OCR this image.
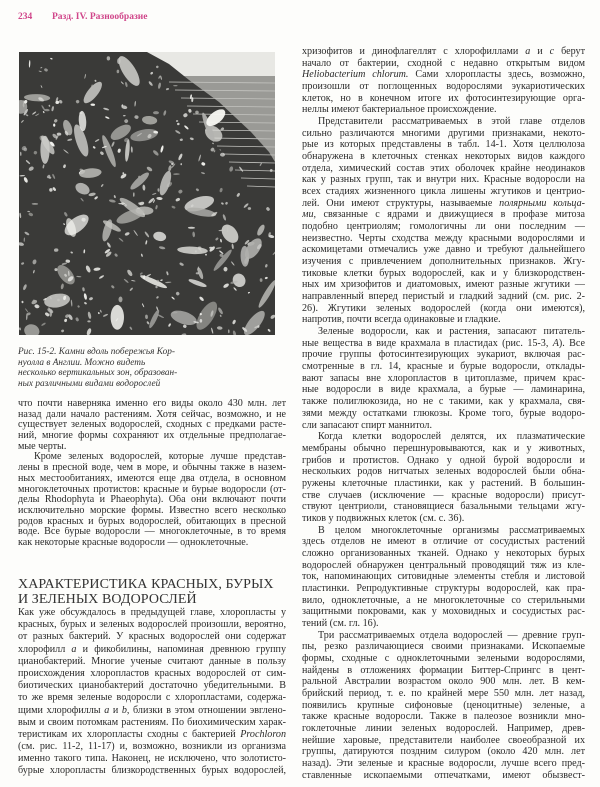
234 Разд. IV. Разнообразие
Рис. 15-2. Камни вдоль побережья Кор-
нуолла в Англии. Можно видеть
несколько вертикальных зон, образован-
ных различными видами водорослей
что почти наверняка именно его виды около 430 млн. лет
назад дали начало растениям. Хотя сейчас, возможно, и не
существует зеленых водорослей, сходных с предками расте-
ний, многие формы сохраняют их отдельные предполагае-
мые черты.
Кроме зеленых водорослей, которые лучше представ-
лены в пресной воде, чем в море, и обычны также в назем-
ных местообитаниях, имеются еще два отдела, в основном
многоклеточных протистов: красные и бурые водоросли (от-
делы Rhodophyta и Phaeophyta). Оба они включают почти
исключительно морские формы. Известно всего несколько
родов красных и бурых водорослей, обитающих в пресной
воде. Все бурые водоросли — многоклеточные, в то время
как некоторые красные водоросли — одноклеточные.
ХАРАКТЕРИСТИКА КРАСНЫХ, БУРЫХ
И ЗЕЛЕНЫХ ВОДОРОСЛЕЙ
Как уже обсуждалось в предыдущей главе, хлоропласты у
красных, бурых и зеленых водорослей произошли, вероятно,
от разных бактерий. У красных водорослей они содержат
хлорофилл a и фикобилины, напоминая древнюю группу
цианобактерий. Многие ученые считают данные в пользу
происхождения хлоропластов красных водорослей от сим-
биотических цианобактерий достаточно убедительными. В
то же время зеленые водоросли с хлоропластами, содержа-
щими хлорофиллы a и b, близки в этом отношении эвглено-
вым и своим потомкам растениям. По биохимическим харак-
теристикам их хлоропласты сходны с бактерией Prochloron
(см. рис. 11-2, 11-17) и, возможно, возникли из организма
именно такого типа. Наконец, не исключено, что золотисто-
бурые хлоропласты близкородственных бурых водорослей,
хризофитов и динофлагеллят с хлорофиллами a и c берут
начало от бактерии, сходной с недавно открытым видом
Heliobacterium chlorum. Сами хлоропласты здесь, возможно,
произошли от поглощенных водорослями эукариотических
клеток, но в конечном итоге их фотосинтезирующие орга-
неллы имеют бактериальное происхождение.
Представители рассматриваемых в этой главе отделов
сильно различаются многими другими признаками, некото-
рые из которых представлены в табл. 14-1. Хотя целлюлоза
обнаружена в клеточных стенках некоторых видов каждого
отдела, химический состав этих оболочек крайне неодинаков
как у разных групп, так и внутри них. Красные водоросли на
всех стадиях жизненного цикла лишены жгутиков и центрио-
лей. Они имеют структуры, называемые полярными кольца-
ми, связанные с ядрами и движущиеся в профазе митоза
подобно центриолям; гомологичны ли они последним —
неизвестно. Черты сходства между красными водорослями и
аскомицетами отмечались уже давно и требуют дальнейшего
изучения с привлечением дополнительных признаков. Жгу-
тиковые клетки бурых водорослей, как и у близкородствен-
ных им хризофитов и диатомовых, имеют разные жгутики —
направленный вперед перистый и гладкий задний (см. рис. 2-
26). Жгутики зеленых водорослей (когда они имеются),
напротив, почти всегда одинаковые и гладкие.
Зеленые водоросли, как и растения, запасают питатель-
ные вещества в виде крахмала в пластидах (рис. 15-3, А). Все
прочие группы фотосинтезирующих эукариот, включая рас-
смотренные в гл. 14, красные и бурые водоросли, отклады-
вают запасы вне хлоропластов в цитоплазме, причем крас-
ные водоросли в виде крахмала, а бурые — ламинарина,
также полиглюкозида, но не с такими, как у крахмала, свя-
зями между остатками глюкозы. Кроме того, бурые водоро-
сли запасают спирт маннитол.
Когда клетки водорослей делятся, их плазматические
мембраны обычно перешнуровываются, как и у животных,
грибов и протистов. Однако у одной бурой водоросли и
нескольких родов нитчатых зеленых водорослей были обна-
ружены клеточные пластинки, как у растений. В большин-
стве случаев (исключение — красные водоросли) присут-
ствуют центриоли, становящиеся базальными тельцами жгу-
тиков у подвижных клеток (см. с. 36).
В целом многоклеточные организмы рассматриваемых
здесь отделов не имеют в отличие от сосудистых растений
сложно организованных тканей. Однако у некоторых бурых
водорослей обнаружен центральный проводящий тяж из кле-
ток, напоминающих ситовидные элементы стебля и листовой
пластинки. Репродуктивные структуры водорослей, как пра-
вило, одноклеточные, а не многоклеточные со стерильными
защитными покровами, как у моховидных и сосудистых рас-
тений (см. гл. 16).
Три рассматриваемых отдела водорослей — древние груп-
пы, резко различающиеся своими признаками. Ископаемые
формы, сходные с одноклеточными зелеными водорослями,
найдены в отложениях формации Биттер-Спрингс в цент-
ральной Австралии возрастом около 900 млн. лет. В кем-
брийский период, т. е. по крайней мере 550 млн. лет назад,
появились крупные сифоновые (ценоцитные) зеленые, а
также красные водоросли. Также в палеозое возникли мно-
гоклеточные линии зеленых водорослей. Например, древ-
нейшие харовые, представители наиболее своеобразной их
группы, датируются поздним силуром (около 420 млн. лет
назад). Эти зеленые и красные водоросли, лучше всего пред-
ставленные ископаемыми отпечатками, имеют обызвест-
